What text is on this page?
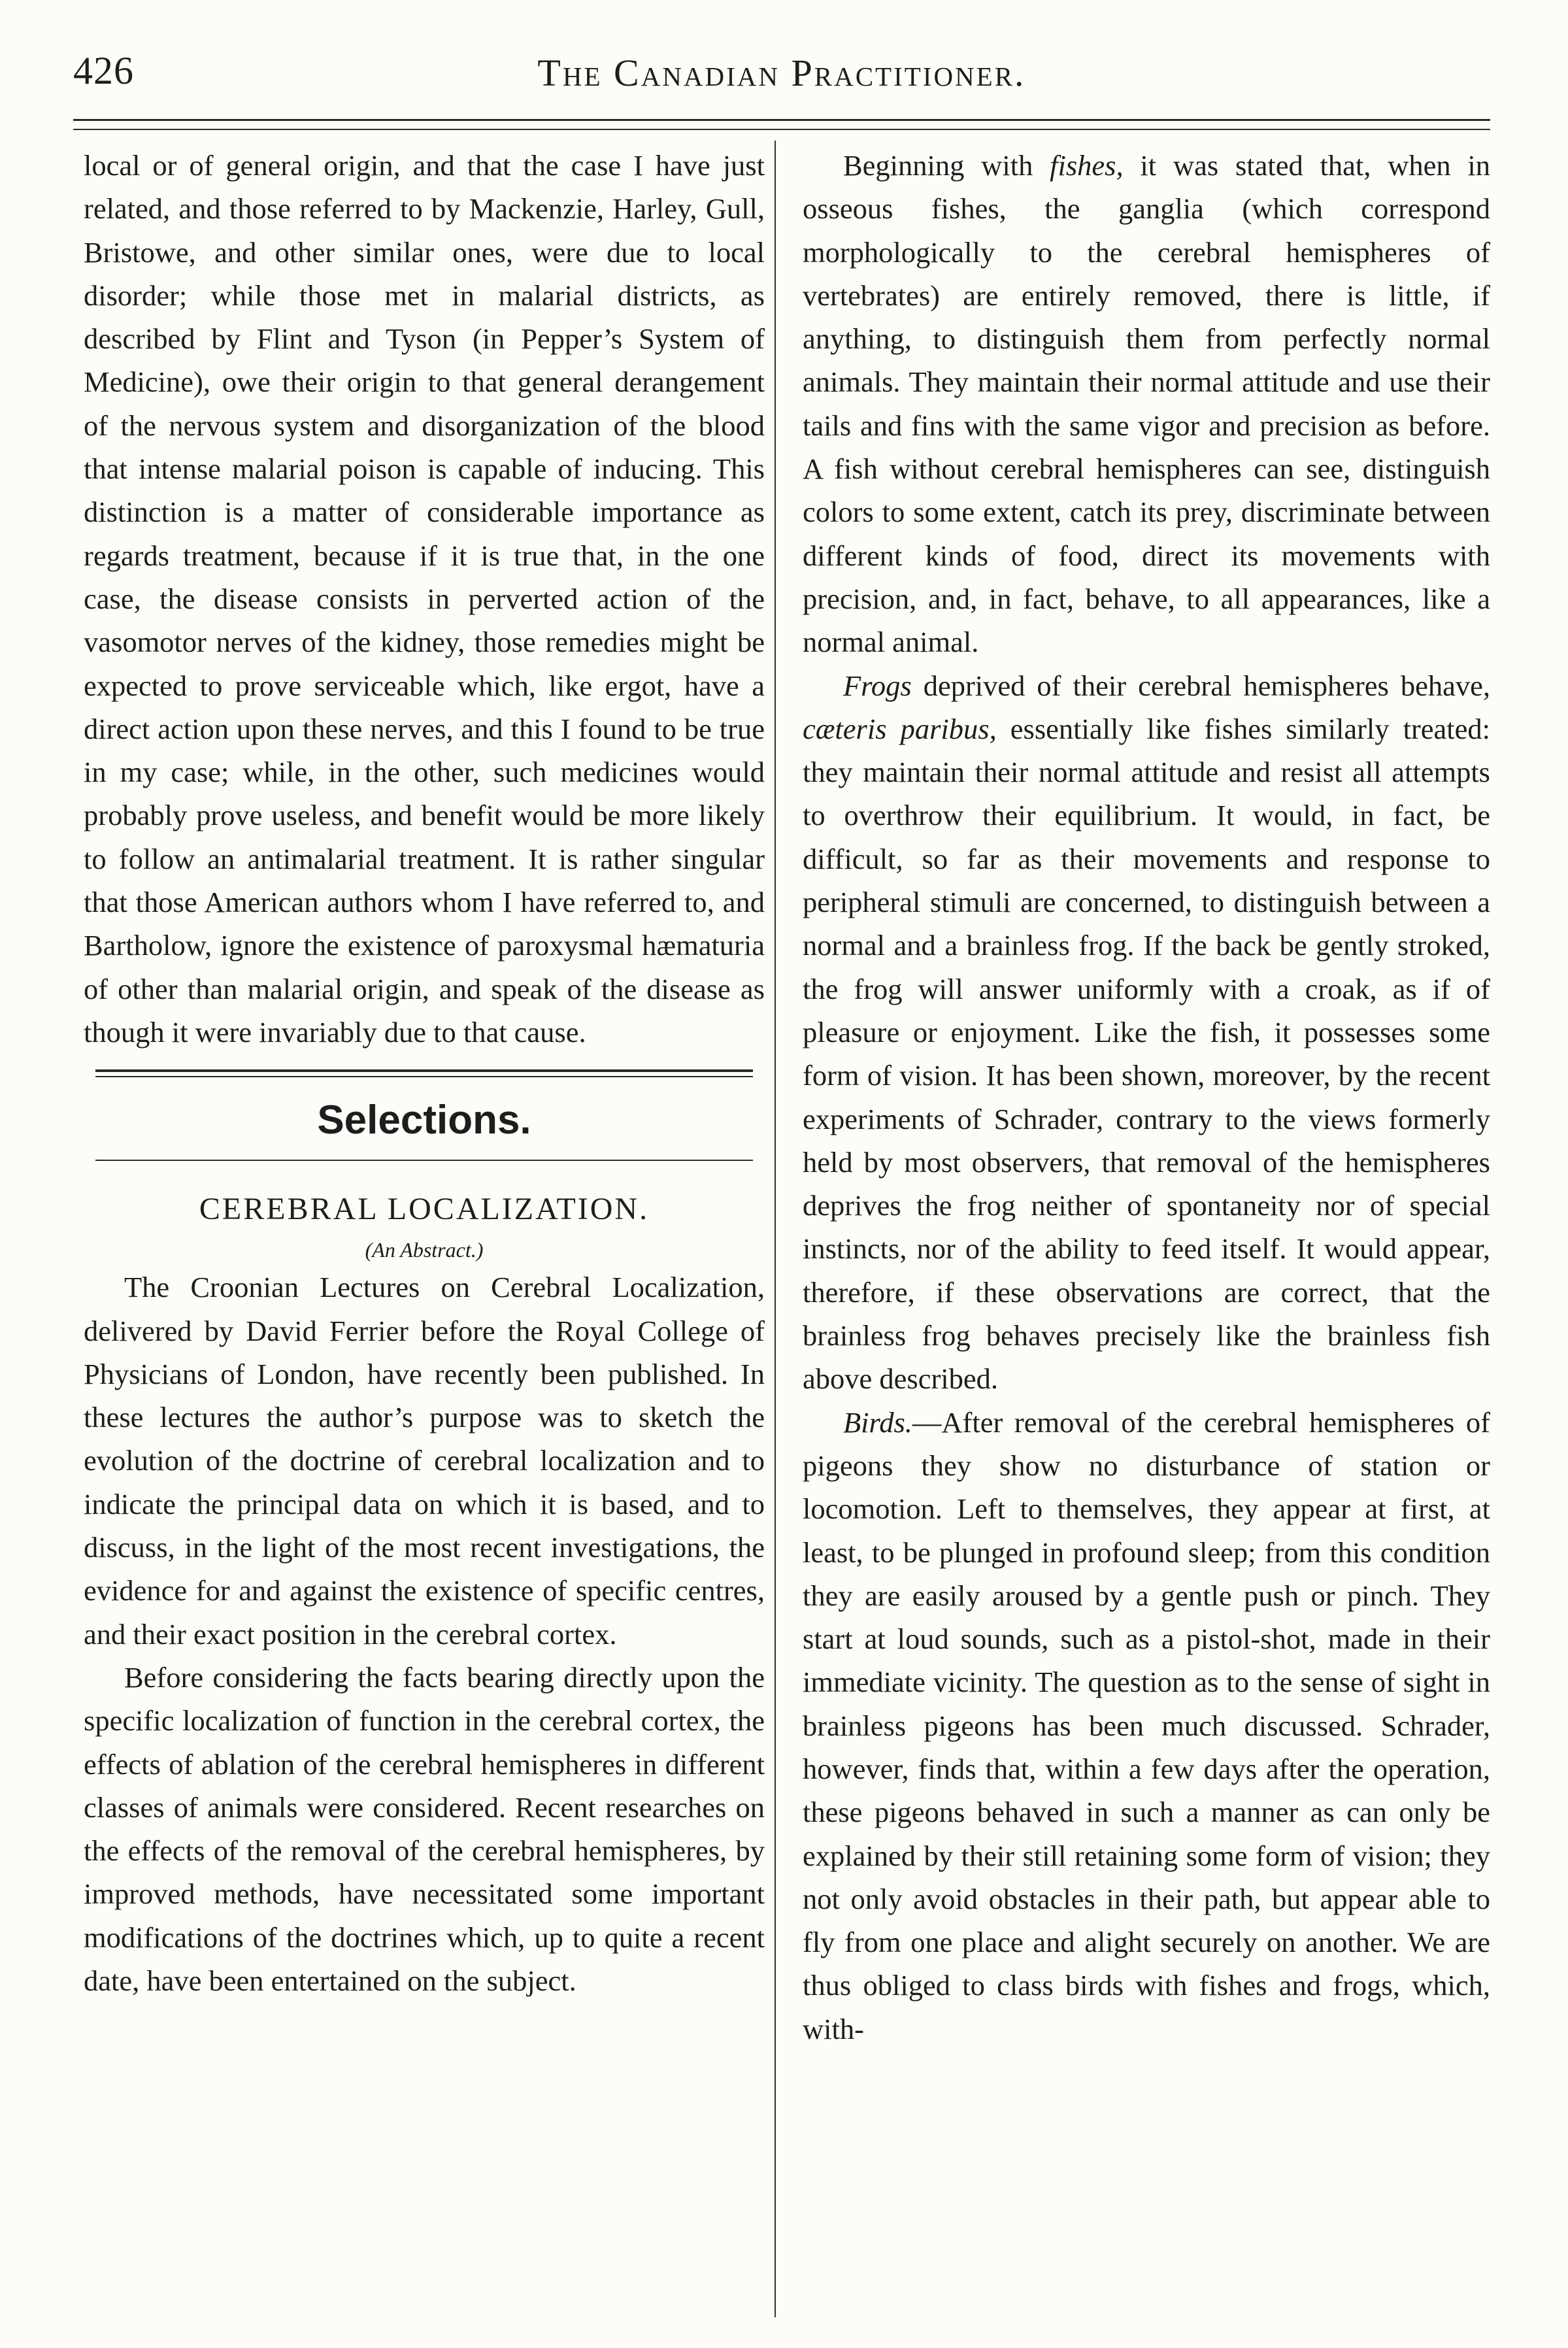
426	The Canadian Practitioner.

local or of general origin, and that the case I have just related, and those referred to by Mackenzie, Harley, Gull, Bristowe, and other similar ones, were due to local disorder; while those met in malarial districts, as described by Flint and Tyson (in Pepper’s System of Medicine), owe their origin to that general derangement of the nervous system and disorganization of the blood that intense malarial poison is capable of inducing. This distinction is a matter of considerable importance as regards treatment, because if it is true that, in the one case, the disease consists in perverted action of the vasomotor nerves of the kidney, those remedies might be expected to prove serviceable which, like ergot, have a direct action upon these nerves, and this I found to be true in my case; while, in the other, such medicines would probably prove useless, and benefit would be more likely to follow an antimalarial treatment. It is rather singular that those American authors whom I have referred to, and Bartholow, ignore the existence of paroxysmal hæmaturia of other than malarial origin, and speak of the disease as though it were invariably due to that cause.

Selections.
CEREBRAL LOCALIZATION.
(An Abstract.)

The Croonian Lectures on Cerebral Localization, delivered by David Ferrier before the Royal College of Physicians of London, have recently been published. In these lectures the author’s purpose was to sketch the evolution of the doctrine of cerebral localization and to indicate the principal data on which it is based, and to discuss, in the light of the most recent investigations, the evidence for and against the existence of specific centres, and their exact position in the cerebral cortex.

Before considering the facts bearing directly upon the specific localization of function in the cerebral cortex, the effects of ablation of the cerebral hemispheres in different classes of animals were considered. Recent researches on the effects of the removal of the cerebral hemispheres, by improved methods, have necessitated some important modifications of the doctrines which, up to quite a recent date, have been entertained on the subject.

Beginning with fishes, it was stated that, when in osseous fishes, the ganglia (which correspond morphologically to the cerebral hemispheres of vertebrates) are entirely removed, there is little, if anything, to distinguish them from perfectly normal animals. They maintain their normal attitude and use their tails and fins with the same vigor and precision as before. A fish without cerebral hemispheres can see, distinguish colors to some extent, catch its prey, discriminate between different kinds of food, direct its movements with precision, and, in fact, behave, to all appearances, like a normal animal.

Frogs deprived of their cerebral hemispheres behave, cæteris paribus, essentially like fishes similarly treated: they maintain their normal attitude and resist all attempts to overthrow their equilibrium. It would, in fact, be difficult, so far as their movements and response to peripheral stimuli are concerned, to distinguish between a normal and a brainless frog. If the back be gently stroked, the frog will answer uniformly with a croak, as if of pleasure or enjoyment. Like the fish, it possesses some form of vision. It has been shown, moreover, by the recent experiments of Schrader, contrary to the views formerly held by most observers, that removal of the hemispheres deprives the frog neither of spontaneity nor of special instincts, nor of the ability to feed itself. It would appear, therefore, if these observations are correct, that the brainless frog behaves precisely like the brainless fish above described.

Birds.—After removal of the cerebral hemispheres of pigeons they show no disturbance of station or locomotion. Left to themselves, they appear at first, at least, to be plunged in profound sleep; from this condition they are easily aroused by a gentle push or pinch. They start at loud sounds, such as a pistol-shot, made in their immediate vicinity. The question as to the sense of sight in brainless pigeons has been much discussed. Schrader, however, finds that, within a few days after the operation, these pigeons behaved in such a manner as can only be explained by their still retaining some form of vision; they not only avoid obstacles in their path, but appear able to fly from one place and alight securely on another. We are thus obliged to class birds with fishes and frogs, which, with-
